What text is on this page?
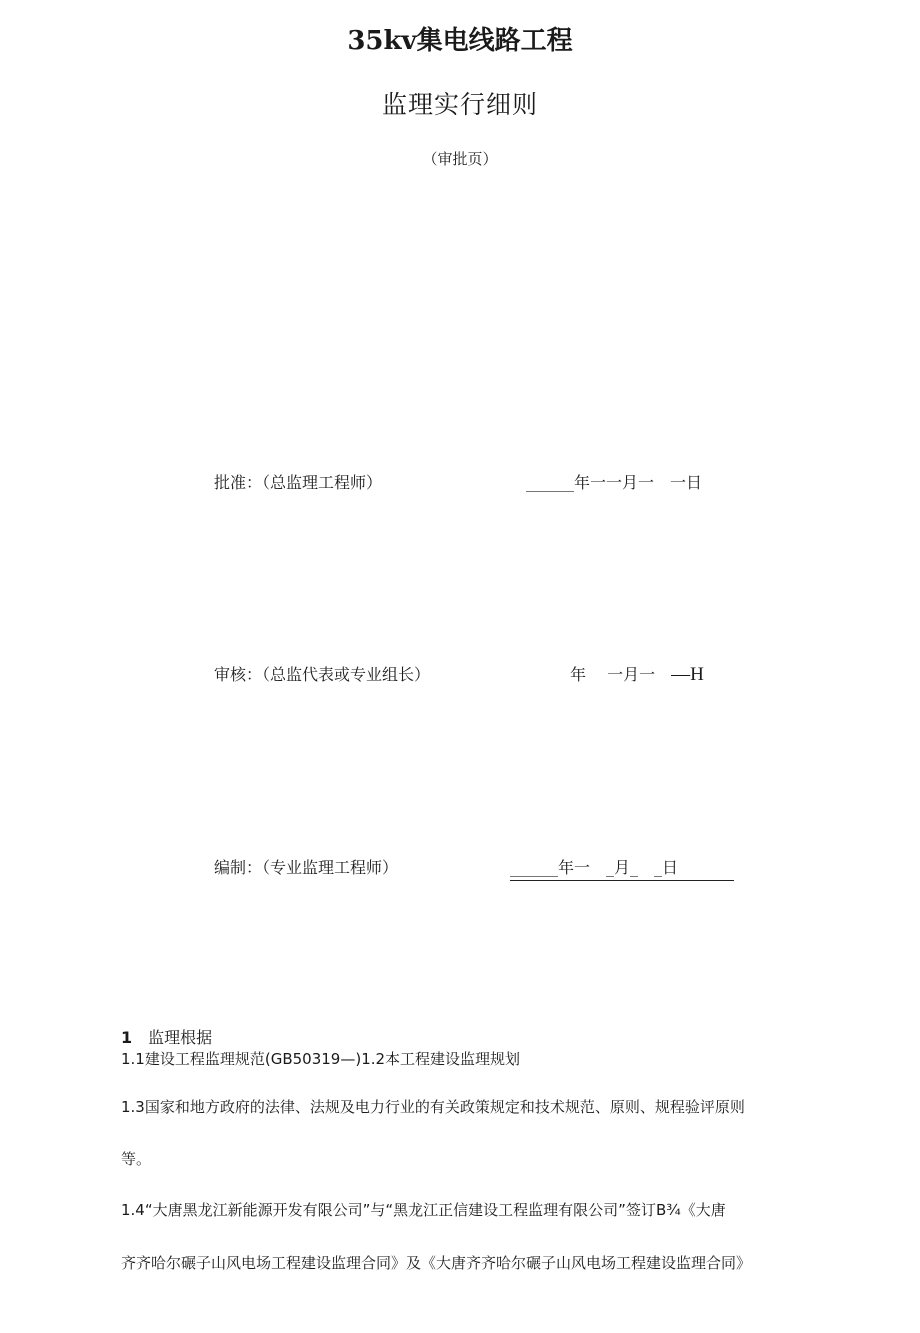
35kv集电线路工程
监理实行细则
（审批页）
批准：（总监理工程师）	______年一一月一　一日
审核：（总监代表或专业组长）	年　 一月一　—H
编制：（专业监理工程师）	______年一　_月_　_日
1 监理根据
1.1建设工程监理规范(GB50319—)1.2本工程建设监理规划
1.3国家和地方政府的法律、法规及电力行业的有关政策规定和技术规范、原则、规程验评原则
等。
1.4“大唐黑龙江新能源开发有限公司”与“黑龙江正信建设工程监理有限公司”签订B¾《大唐
齐齐哈尔碾子山风电场工程建设监理合同》及《大唐齐齐哈尔碾子山风电场工程建设监理合同》
